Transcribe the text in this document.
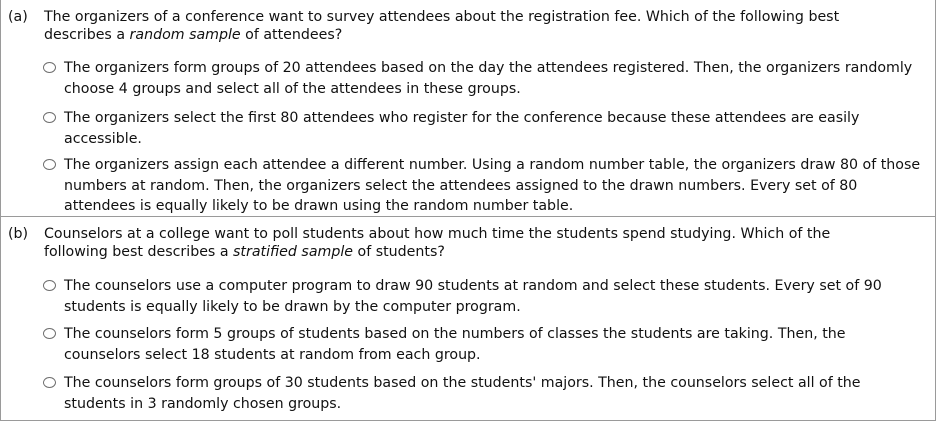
(a)	The organizers of a conference want to survey attendees about the registration fee. Which of the following best describes a random sample of attendees?
The organizers form groups of 20 attendees based on the day the attendees registered. Then, the organizers randomly choose 4 groups and select all of the attendees in these groups.
The organizers select the first 80 attendees who register for the conference because these attendees are easily accessible.
The organizers assign each attendee a different number. Using a random number table, the organizers draw 80 of those numbers at random. Then, the organizers select the attendees assigned to the drawn numbers. Every set of 80 attendees is equally likely to be drawn using the random number table.
(b)	Counselors at a college want to poll students about how much time the students spend studying. Which of the following best describes a stratified sample of students?
The counselors use a computer program to draw 90 students at random and select these students. Every set of 90 students is equally likely to be drawn by the computer program.
The counselors form 5 groups of students based on the numbers of classes the students are taking. Then, the counselors select 18 students at random from each group.
The counselors form groups of 30 students based on the students' majors. Then, the counselors select all of the students in 3 randomly chosen groups.
